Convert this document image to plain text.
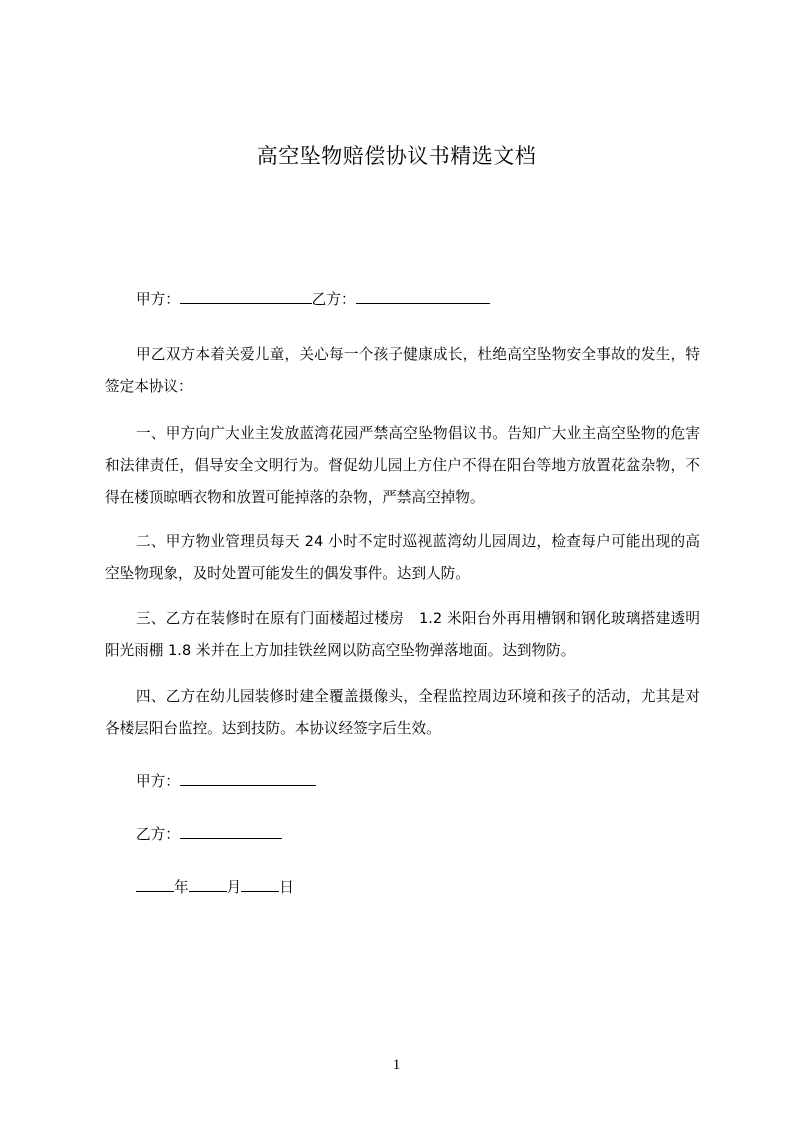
高空坠物赔偿协议书精选文档
甲方：	乙方：
甲乙双方本着关爱儿童，关心每一个孩子健康成长，杜绝高空坠物安全事故的发生，特签定本协议：
一、甲方向广大业主发放蓝湾花园严禁高空坠物倡议书。告知广大业主高空坠物的危害和法律责任，倡导安全文明行为。督促幼儿园上方住户不得在阳台等地方放置花盆杂物，不得在楼顶晾晒衣物和放置可能掉落的杂物，严禁高空掉物。
二、甲方物业管理员每天 24 小时不定时巡视蓝湾幼儿园周边，检查每户可能出现的高空坠物现象，及时处置可能发生的偶发事件。达到人防。
三、乙方在装修时在原有门面楼超过楼房　1.2 米阳台外再用槽钢和钢化玻璃搭建透明阳光雨棚 1.8 米并在上方加挂铁丝网以防高空坠物弹落地面。达到物防。
四、乙方在幼儿园装修时建全覆盖摄像头，全程监控周边环境和孩子的活动，尤其是对各楼层阳台监控。达到技防。本协议经签字后生效。
甲方：
乙方：
年	月	日
1
